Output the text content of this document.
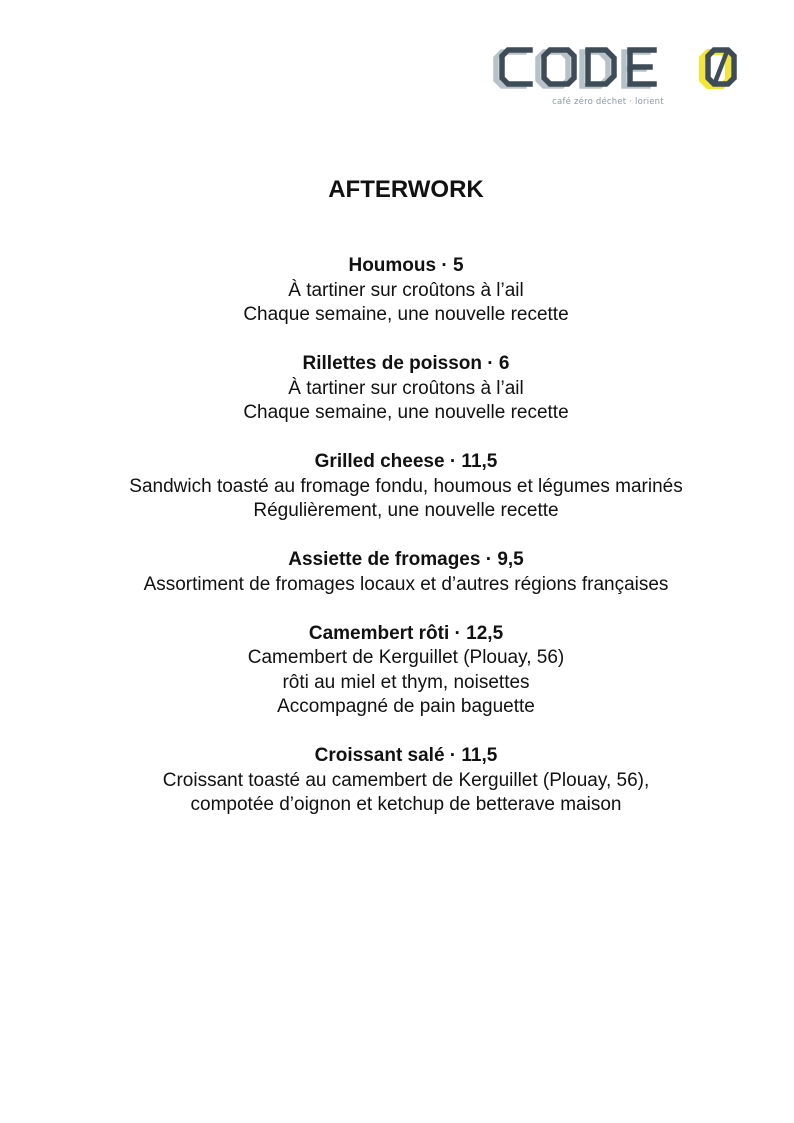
café zéro déchet · lorient
AFTERWORK
Houmous · 5
À tartiner sur croûtons à l’ail
Chaque semaine, une nouvelle recette
Rillettes de poisson · 6
À tartiner sur croûtons à l’ail
Chaque semaine, une nouvelle recette
Grilled cheese · 11,5
Sandwich toasté au fromage fondu, houmous et légumes marinés
Régulièrement, une nouvelle recette
Assiette de fromages · 9,5
Assortiment de fromages locaux et d’autres régions françaises
Camembert rôti · 12,5
Camembert de Kerguillet (Plouay, 56)
rôti au miel et thym, noisettes
Accompagné de pain baguette
Croissant salé · 11,5
Croissant toasté au camembert de Kerguillet (Plouay, 56),
compotée d’oignon et ketchup de betterave maison
